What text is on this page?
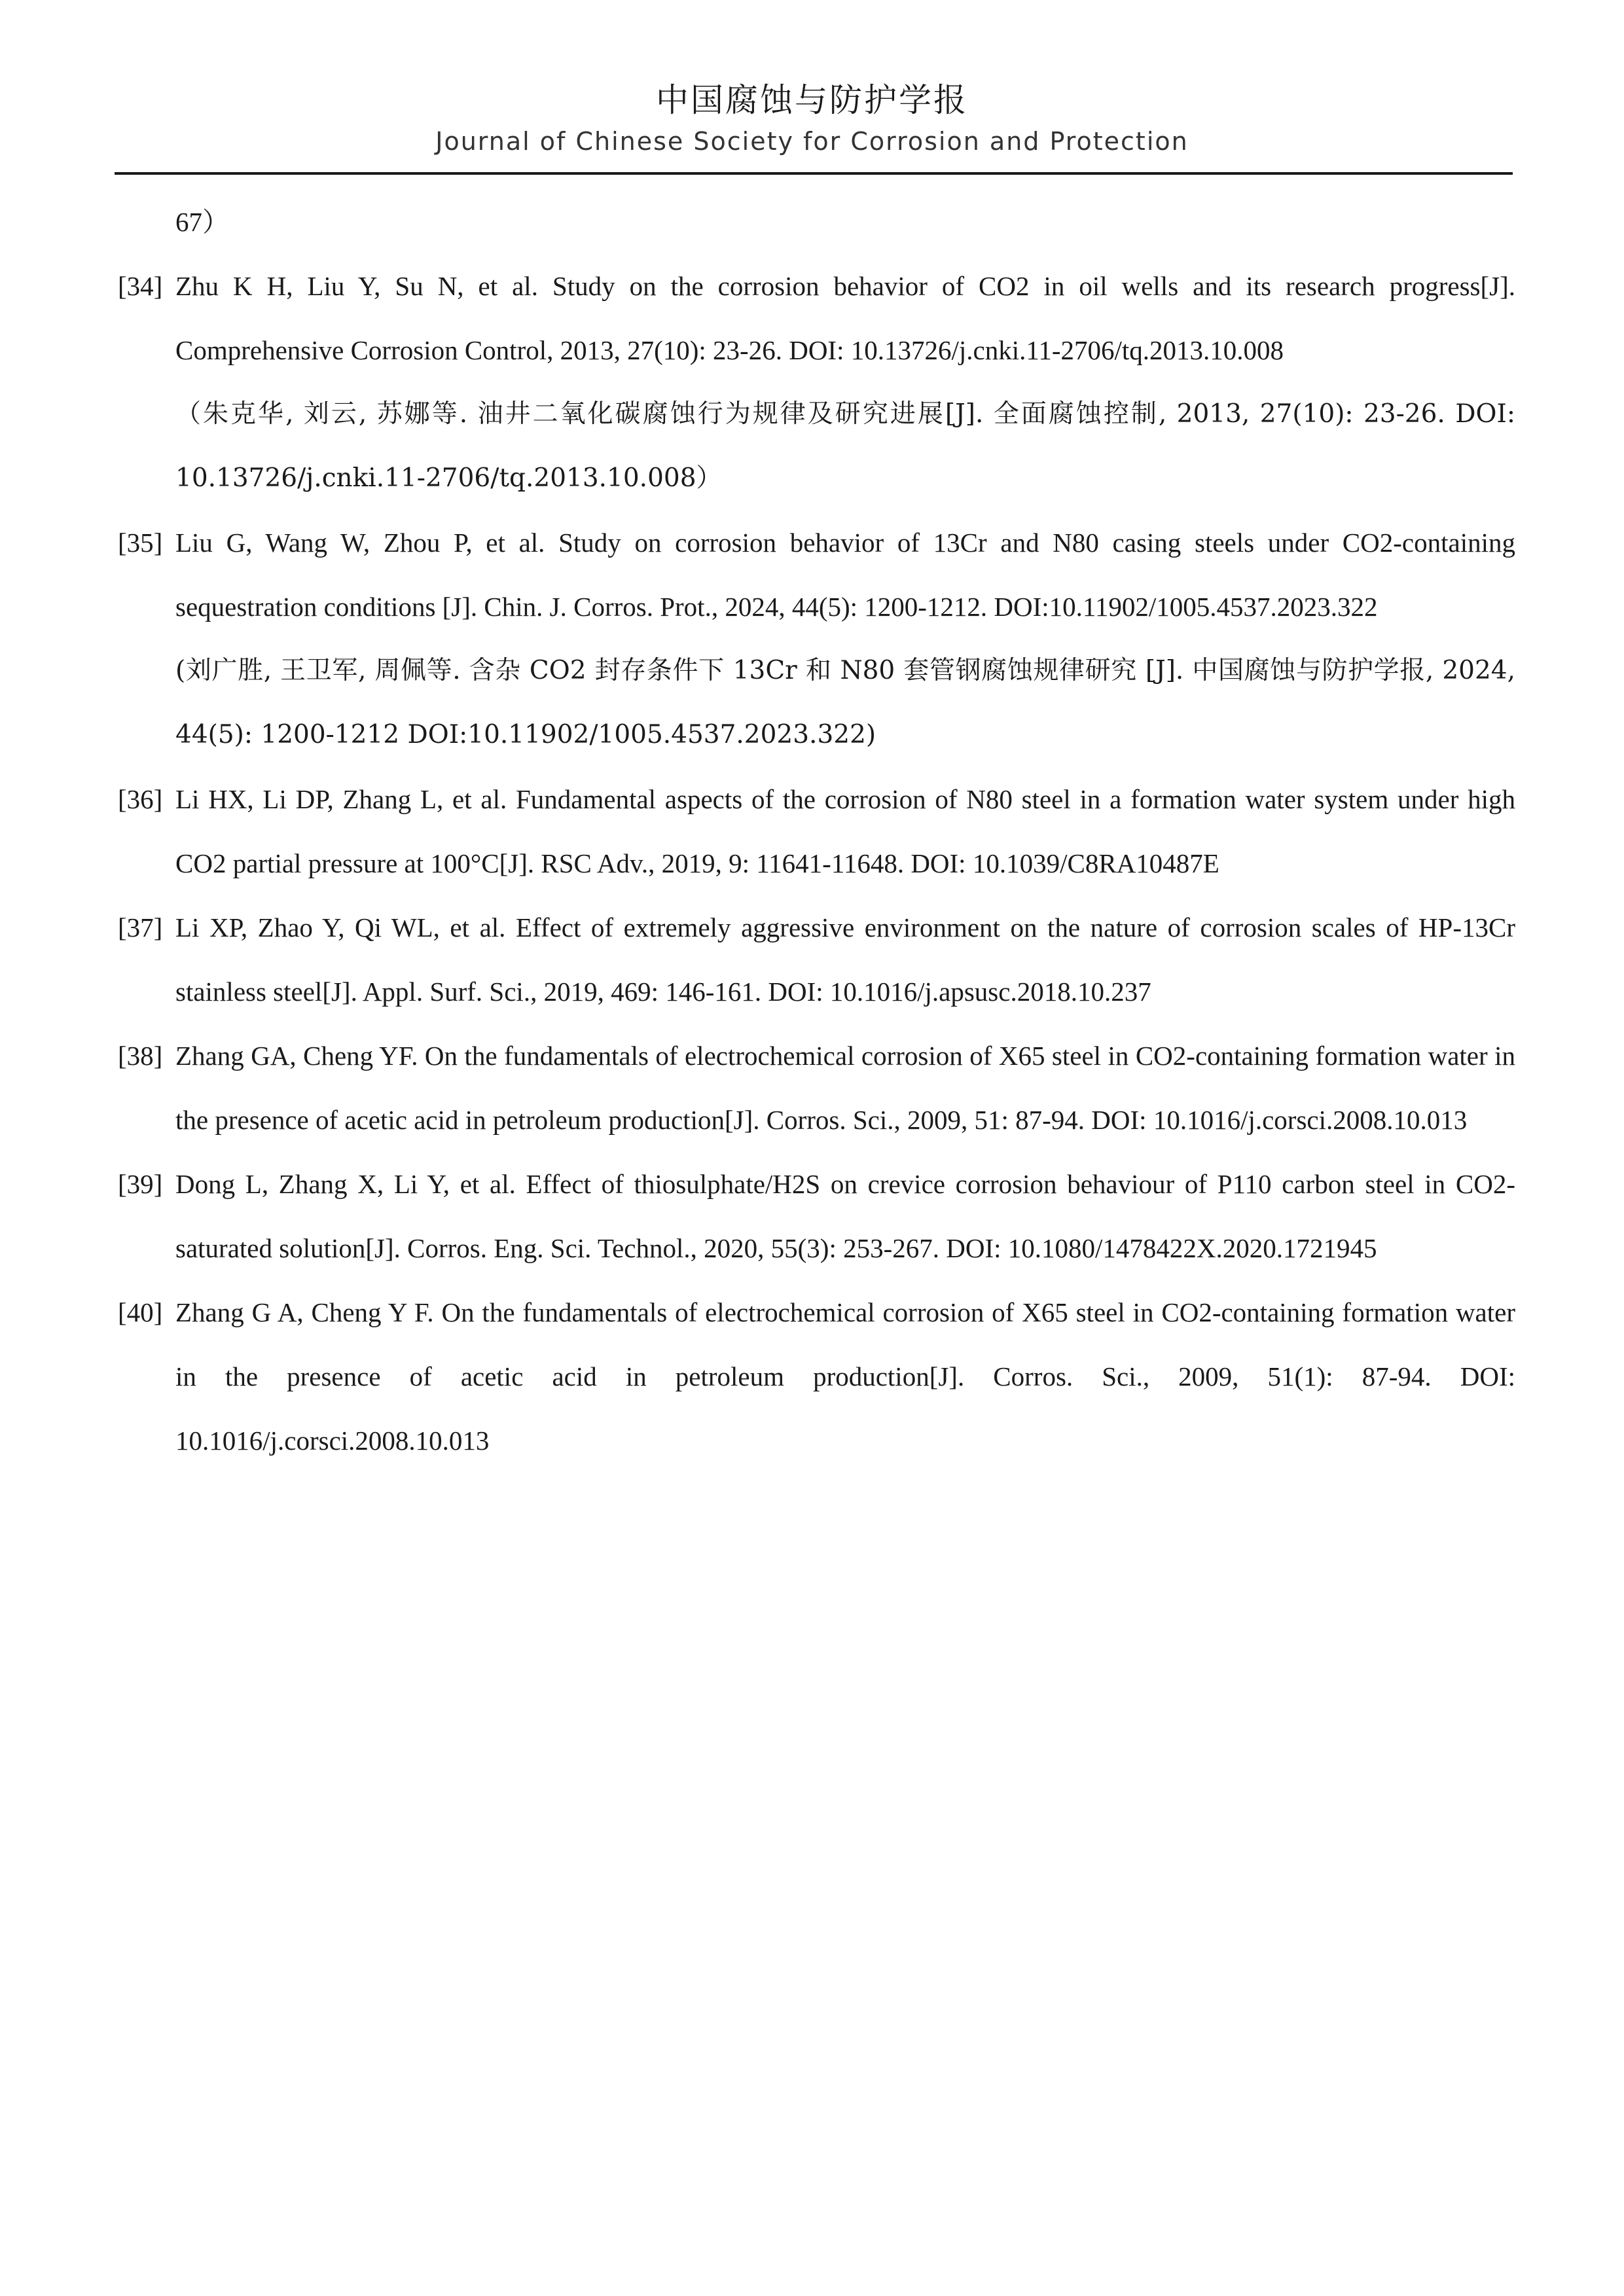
中国腐蚀与防护学报
Journal of Chinese Society for Corrosion and Protection
67）
[34] Zhu K H, Liu Y, Su N, et al. Study on the corrosion behavior of CO2 in oil wells and its research progress[J]. Comprehensive Corrosion Control, 2013, 27(10): 23-26. DOI: 10.13726/j.cnki.11-2706/tq.2013.10.008

（朱克华, 刘云, 苏娜等. 油井二氧化碳腐蚀行为规律及研究进展[J]. 全面腐蚀控制, 2013, 27(10): 23-26. DOI: 10.13726/j.cnki.11-2706/tq.2013.10.008）

[35] Liu G, Wang W, Zhou P, et al. Study on corrosion behavior of 13Cr and N80 casing steels under CO2-containing sequestration conditions [J]. Chin. J. Corros. Prot., 2024, 44(5): 1200-1212. DOI:10.11902/1005.4537.2023.322

(刘广胜, 王卫军, 周佩等. 含杂 CO2 封存条件下 13Cr 和 N80 套管钢腐蚀规律研究 [J]. 中国腐蚀与防护学报, 2024, 44(5): 1200-1212 DOI:10.11902/1005.4537.2023.322)

[36] Li HX, Li DP, Zhang L, et al. Fundamental aspects of the corrosion of N80 steel in a formation water system under high CO2 partial pressure at 100°C[J]. RSC Adv., 2019, 9: 11641-11648. DOI: 10.1039/C8RA10487E

[37] Li XP, Zhao Y, Qi WL, et al. Effect of extremely aggressive environment on the nature of corrosion scales of HP-13Cr stainless steel[J]. Appl. Surf. Sci., 2019, 469: 146-161. DOI: 10.1016/j.apsusc.2018.10.237

[38] Zhang GA, Cheng YF. On the fundamentals of electrochemical corrosion of X65 steel in CO2-containing formation water in the presence of acetic acid in petroleum production[J]. Corros. Sci., 2009, 51: 87-94. DOI: 10.1016/j.corsci.2008.10.013

[39] Dong L, Zhang X, Li Y, et al. Effect of thiosulphate/H2S on crevice corrosion behaviour of P110 carbon steel in CO2-saturated solution[J]. Corros. Eng. Sci. Technol., 2020, 55(3): 253-267. DOI: 10.1080/1478422X.2020.1721945

[40] Zhang G A, Cheng Y F. On the fundamentals of electrochemical corrosion of X65 steel in CO2-containing formation water in the presence of acetic acid in petroleum production[J]. Corros. Sci., 2009, 51(1): 87-94. DOI: 10.1016/j.corsci.2008.10.013
